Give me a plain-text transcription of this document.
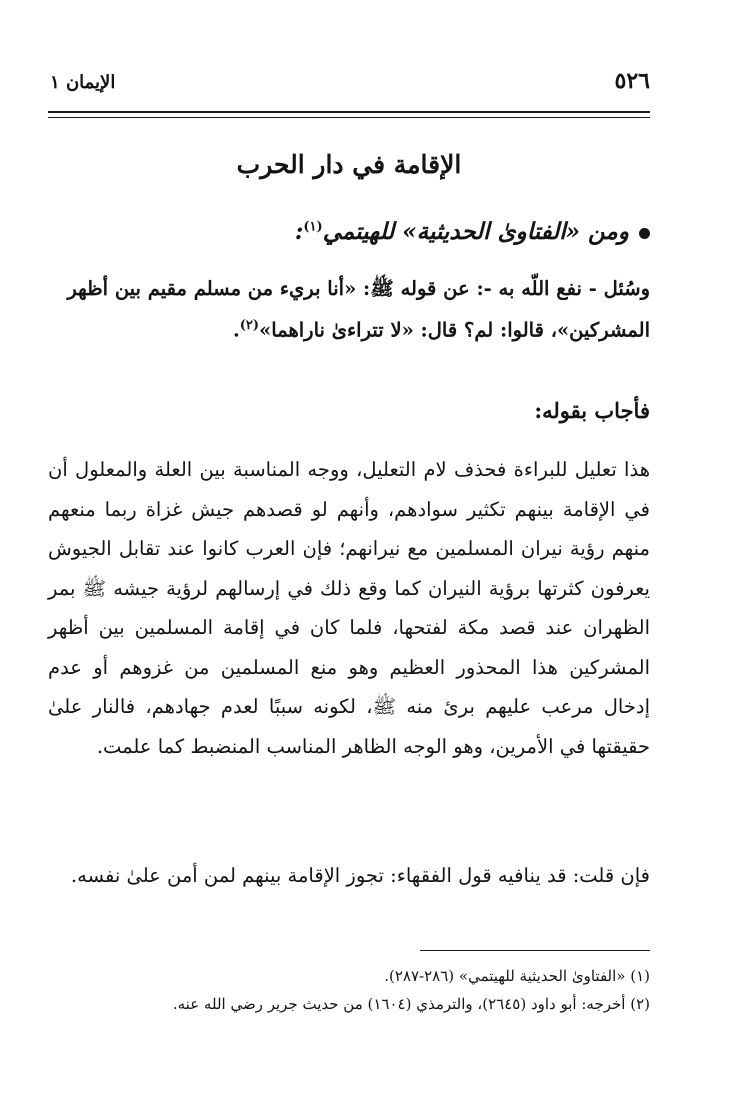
٥٢٦
الإيمان ١
الإقامة في دار الحرب
ومن «الفتاوىٰ الحديثية» للهيتمي$^{(١)}$:
وسُئل - نفع اللّه به -: عن قوله ﷺ: «أنا بريء من مسلم مقيم بين أظهر المشركين»، قالوا: لم؟ قال: «لا تتراءىٰ ناراهما»$^{(٢)}$.
فأجاب بقوله:
هذا تعليل للبراءة فحذف لام التعليل، ووجه المناسبة بين العلة والمعلول أن في الإقامة بينهم تكثير سوادهم، وأنهم لو قصدهم جيش غزاة ربما منعهم منهم رؤية نيران المسلمين مع نيرانهم؛ فإن العرب كانوا عند تقابل الجيوش يعرفون كثرتها برؤية النيران كما وقع ذلك في إرسالهم لرؤية جيشه ﷺ بمر الظهران عند قصد مكة لفتحها، فلما كان في إقامة المسلمين بين أظهر المشركين هذا المحذور العظيم وهو منع المسلمين من غزوهم أو عدم إدخال مرعب عليهم برئ منه ﷺ، لكونه سببًا لعدم جهادهم، فالنار علىٰ حقيقتها في الأمرين، وهو الوجه الظاهر المناسب المنضبط كما علمت.
فإن قلت: قد ينافيه قول الفقهاء: تجوز الإقامة بينهم لمن أمن علىٰ نفسه.
(١) «الفتاوىٰ الحديثية للهيتمي» (٢٨٦-٢٨٧).
(٢) أخرجه: أبو داود (٢٦٤٥)، والترمذي (١٦٠٤) من حديث جرير رضي الله عنه.
